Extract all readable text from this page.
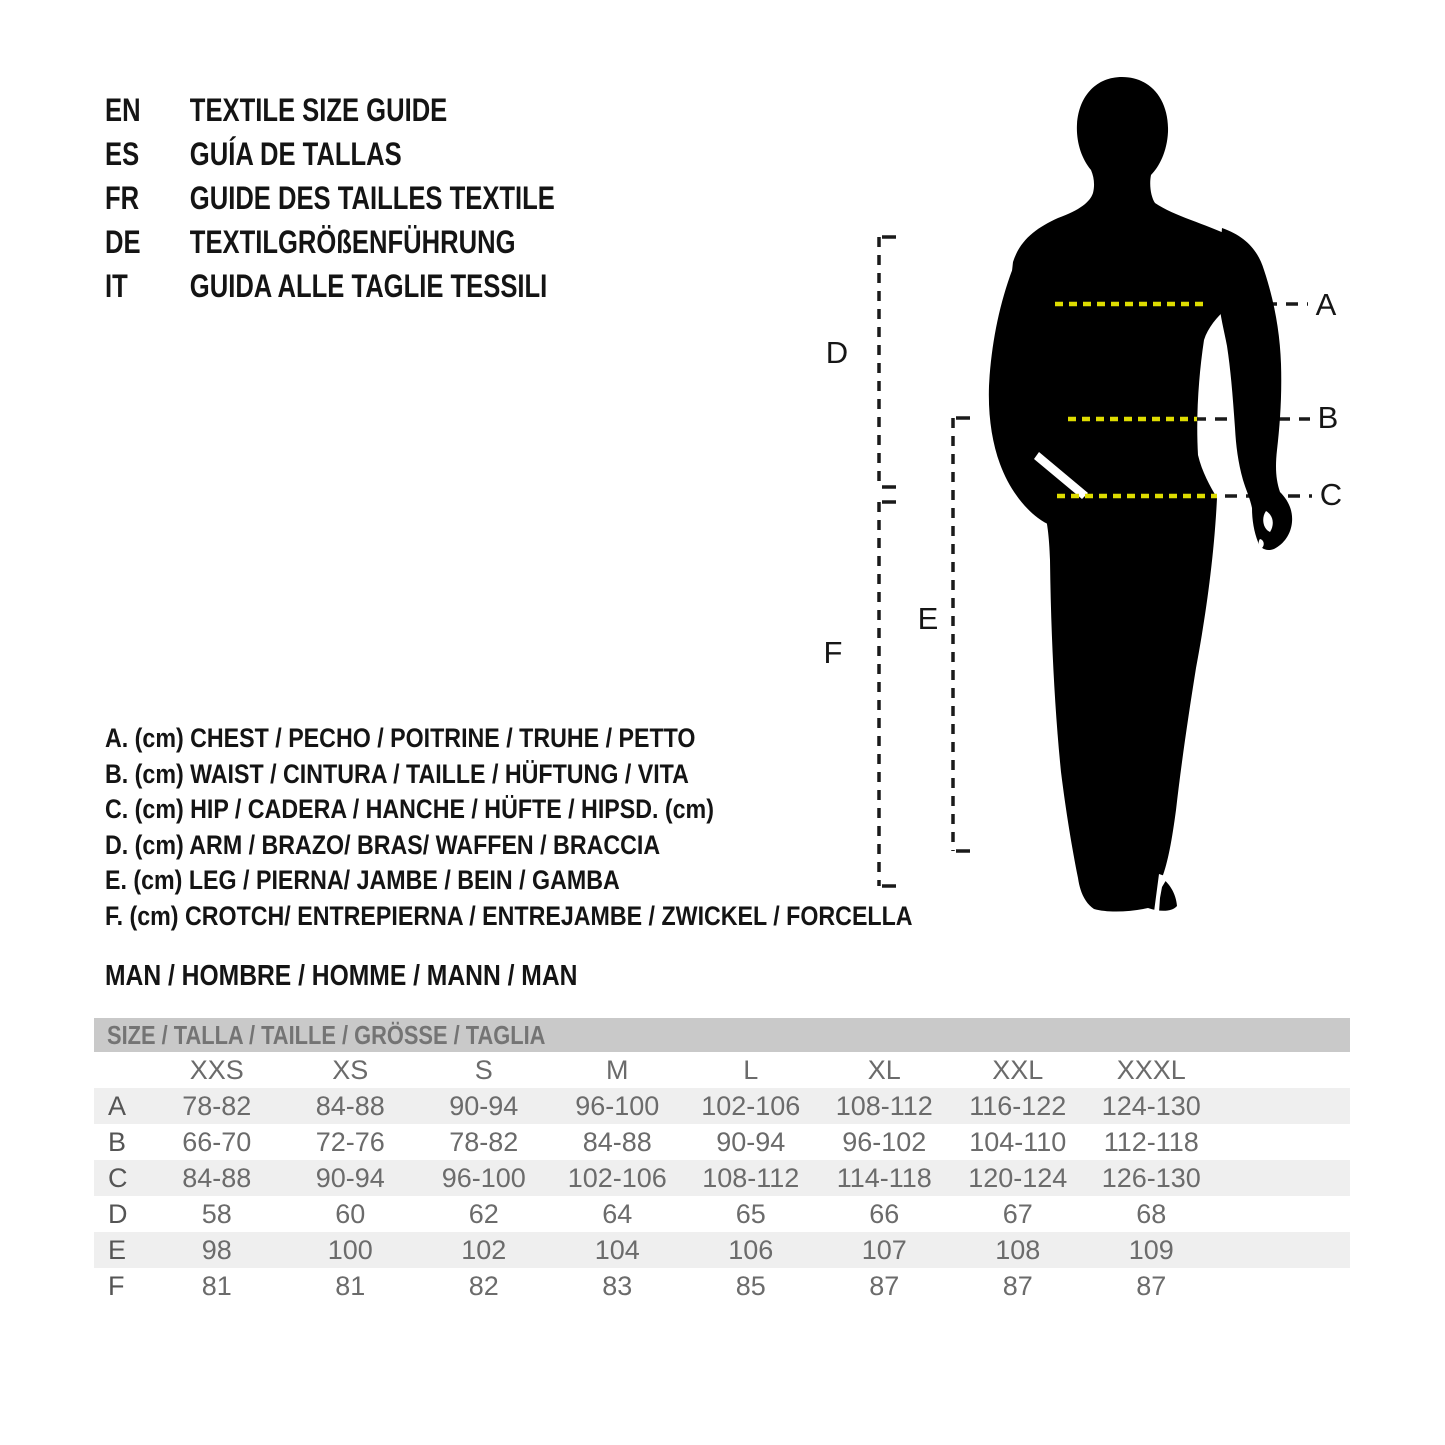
EN	TEXTILE SIZE GUIDE
ES	GUÍA DE TALLAS
FR	GUIDE DES TAILLES TEXTILE
DE	TEXTILGRÖßENFÜHRUNG
IT	GUIDA ALLE TAGLIE TESSILI
A
B
C
D
E
F
A. (cm) CHEST / PECHO / POITRINE / TRUHE / PETTO
B. (cm) WAIST / CINTURA / TAILLE / HÜFTUNG / VITA
C. (cm) HIP / CADERA / HANCHE / HÜFTE / HIPSD. (cm)
D. (cm) ARM / BRAZO/ BRAS/ WAFFEN / BRACCIA
E. (cm) LEG / PIERNA/ JAMBE / BEIN / GAMBA
F. (cm) CROTCH/ ENTREPIERNA / ENTREJAMBE / ZWICKEL / FORCELLA
MAN / HOMBRE / HOMME / MANN / MAN
SIZE / TALLA / TAILLE / GRÖSSE / TAGLIA
XXS	XS	S	M	L	XL	XXL	XXXL
A	78-82	84-88	90-94	96-100	102-106	108-112	116-122	124-130
B	66-70	72-76	78-82	84-88	90-94	96-102	104-110	112-118
C	84-88	90-94	96-100	102-106	108-112	114-118	120-124	126-130
D	58	60	62	64	65	66	67	68
E	98	100	102	104	106	107	108	109
F	81	81	82	83	85	87	87	87
